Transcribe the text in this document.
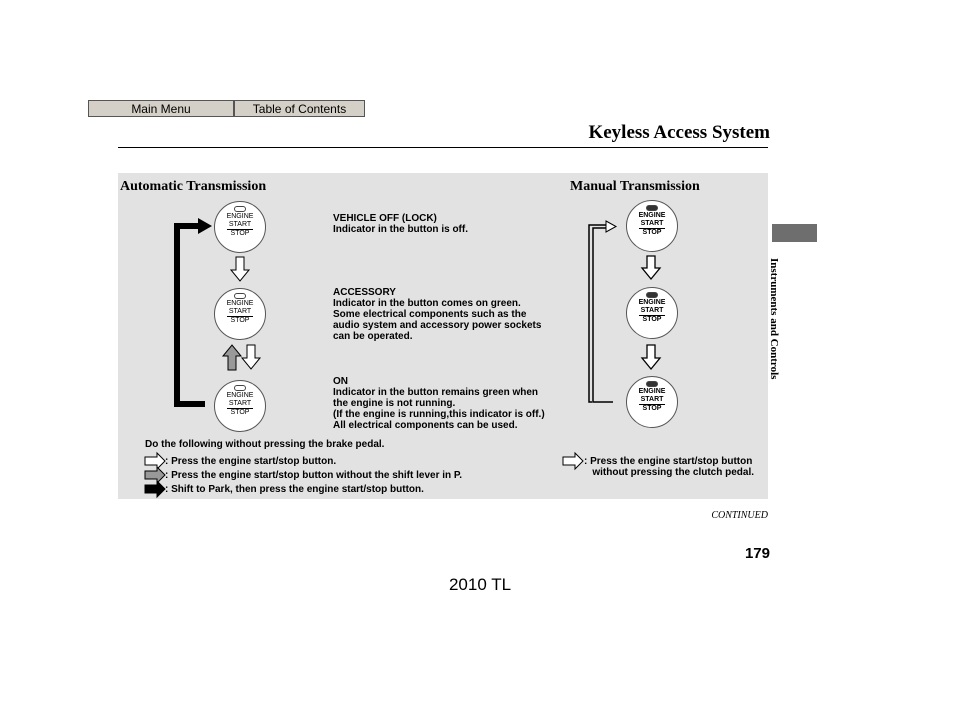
Main Menu	Table of Contents
Keyless Access System
Instruments and Controls
Automatic Transmission	Manual Transmission
ENGINE
START
STOP
ENGINE
START
STOP
ENGINE
START
STOP
ENGINE
START
STOP
ENGINE
START
STOP
ENGINE
START
STOP
VEHICLE OFF (LOCK)
Indicator in the button is off.
ACCESSORY
Indicator in the button comes on green.
Some electrical components such as the
audio system and accessory power sockets
can be operated.
ON
Indicator in the button remains green when
the engine is not running.
(If the engine is running,this indicator is off.)
All electrical components can be used.
Do the following without pressing the brake pedal.
: Press the engine start/stop button.
: Press the engine start/stop button without the shift lever in P.
: Shift to Park, then press the engine start/stop button.
: Press the engine start/stop button
without pressing the clutch pedal.
CONTINUED
179
2010 TL
